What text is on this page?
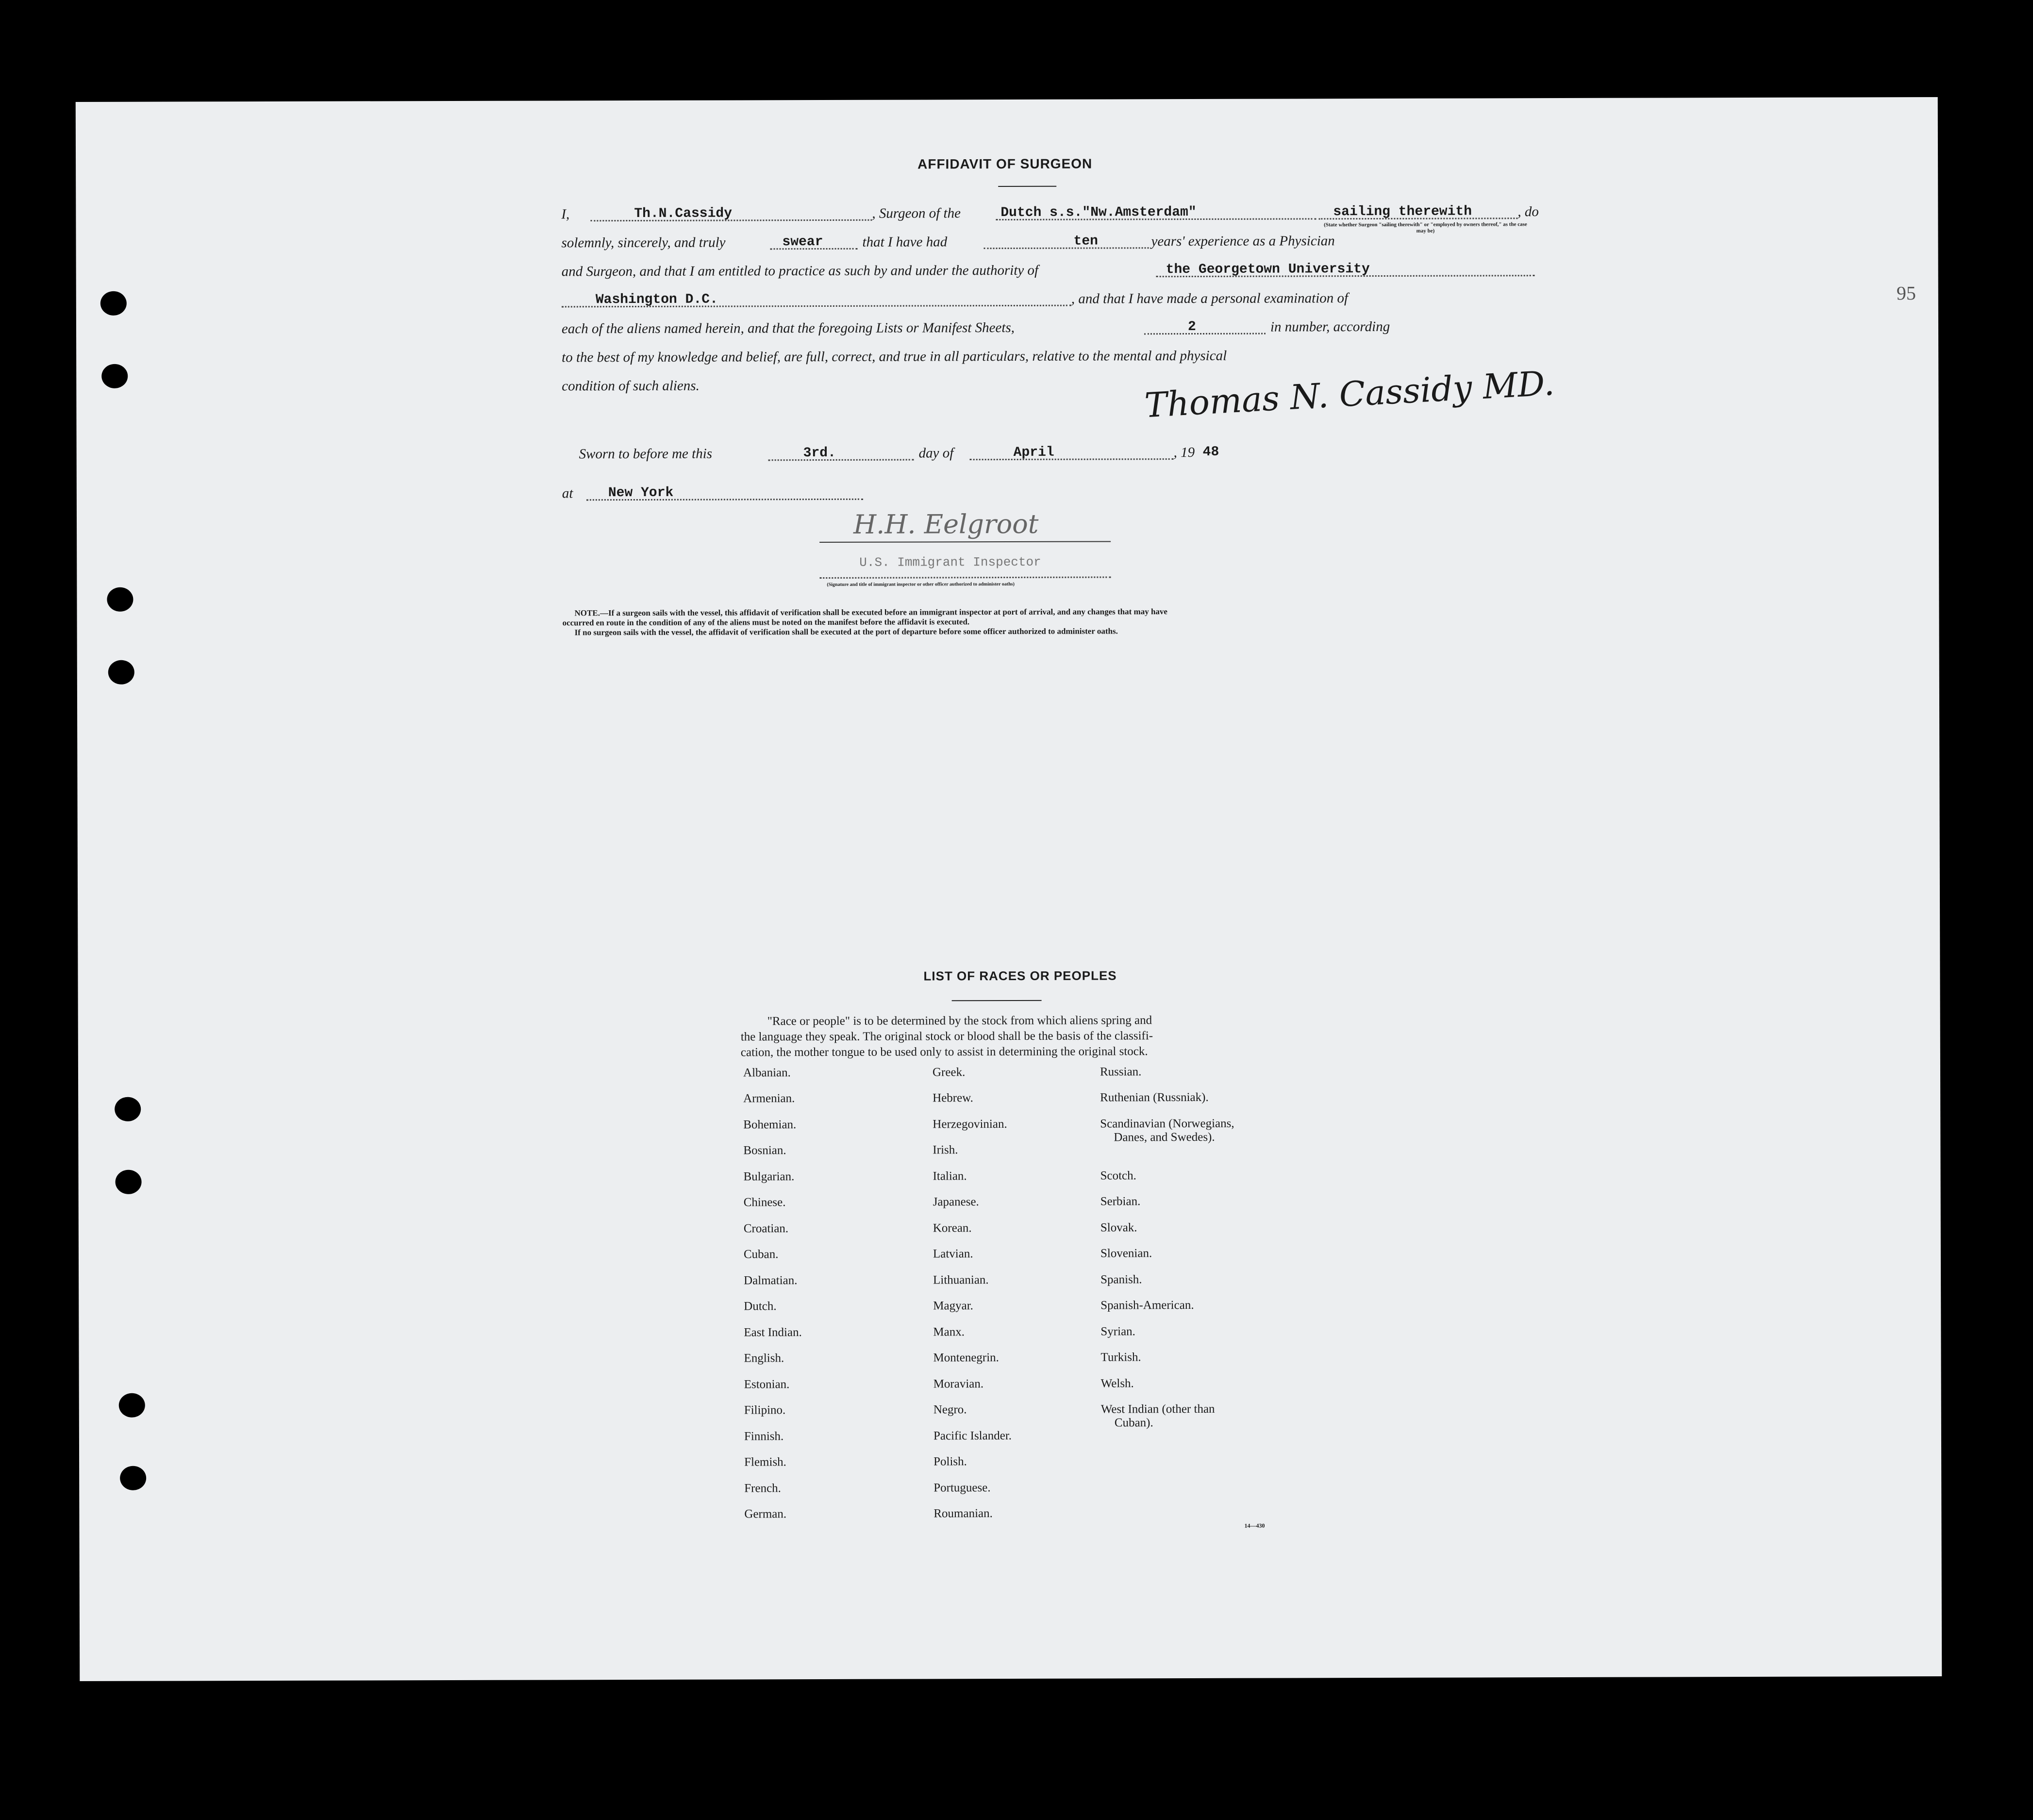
95
AFFIDAVIT OF SURGEON
I,	Th.N.Cassidy	, Surgeon of the	Dutch s.s."Nw.Amsterdam"	sailing therewith	, do
(State whether Surgeon "sailing therewith" or "employed by owners thereof," as the case may be)
solemnly, sincerely, and truly	swear	that I have had	ten	years' experience as a Physician
and Surgeon, and that I am entitled to practice as such by and under the authority of	the Georgetown University
Washington D.C.	, and that I have made a personal examination of
each of the aliens named herein, and that the foregoing Lists or Manifest Sheets,	2	in number, according
to the best of my knowledge and belief, are full, correct, and true in all particulars, relative to the mental and physical
condition of such aliens.	Thomas N. Cassidy MD.
Sworn to before me this	3rd.	day of	April	, 19 48
at	New York
H.H. Eelgroot
U.S. Immigrant Inspector
(Signature and title of immigrant inspector or other officer authorized to administer oaths)
NOTE.—If a surgeon sails with the vessel, this affidavit of verification shall be executed before an immigrant inspector at port of arrival, and any changes that may have
occurred en route in the condition of any of the aliens must be noted on the manifest before the affidavit is executed.
If no surgeon sails with the vessel, the affidavit of verification shall be executed at the port of departure before some officer authorized to administer oaths.
LIST OF RACES OR PEOPLES
"Race or people" is to be determined by the stock from which aliens spring and
the language they speak. The original stock or blood shall be the basis of the classifi-
cation, the mother tongue to be used only to assist in determining the original stock.
Albanian.
Armenian.
Bohemian.
Bosnian.
Bulgarian.
Chinese.
Croatian.
Cuban.
Dalmatian.
Dutch.
East Indian.
English.
Estonian.
Filipino.
Finnish.
Flemish.
French.
German.
Greek.
Hebrew.
Herzegovinian.
Irish.
Italian.
Japanese.
Korean.
Latvian.
Lithuanian.
Magyar.
Manx.
Montenegrin.
Moravian.
Negro.
Pacific Islander.
Polish.
Portuguese.
Roumanian.
Russian.
Ruthenian (Russniak).
Scandinavian (Norwegians,
Danes, and Swedes).
Scotch.
Serbian.
Slovak.
Slovenian.
Spanish.
Spanish-American.
Syrian.
Turkish.
Welsh.
West Indian (other than
Cuban).
14—430
